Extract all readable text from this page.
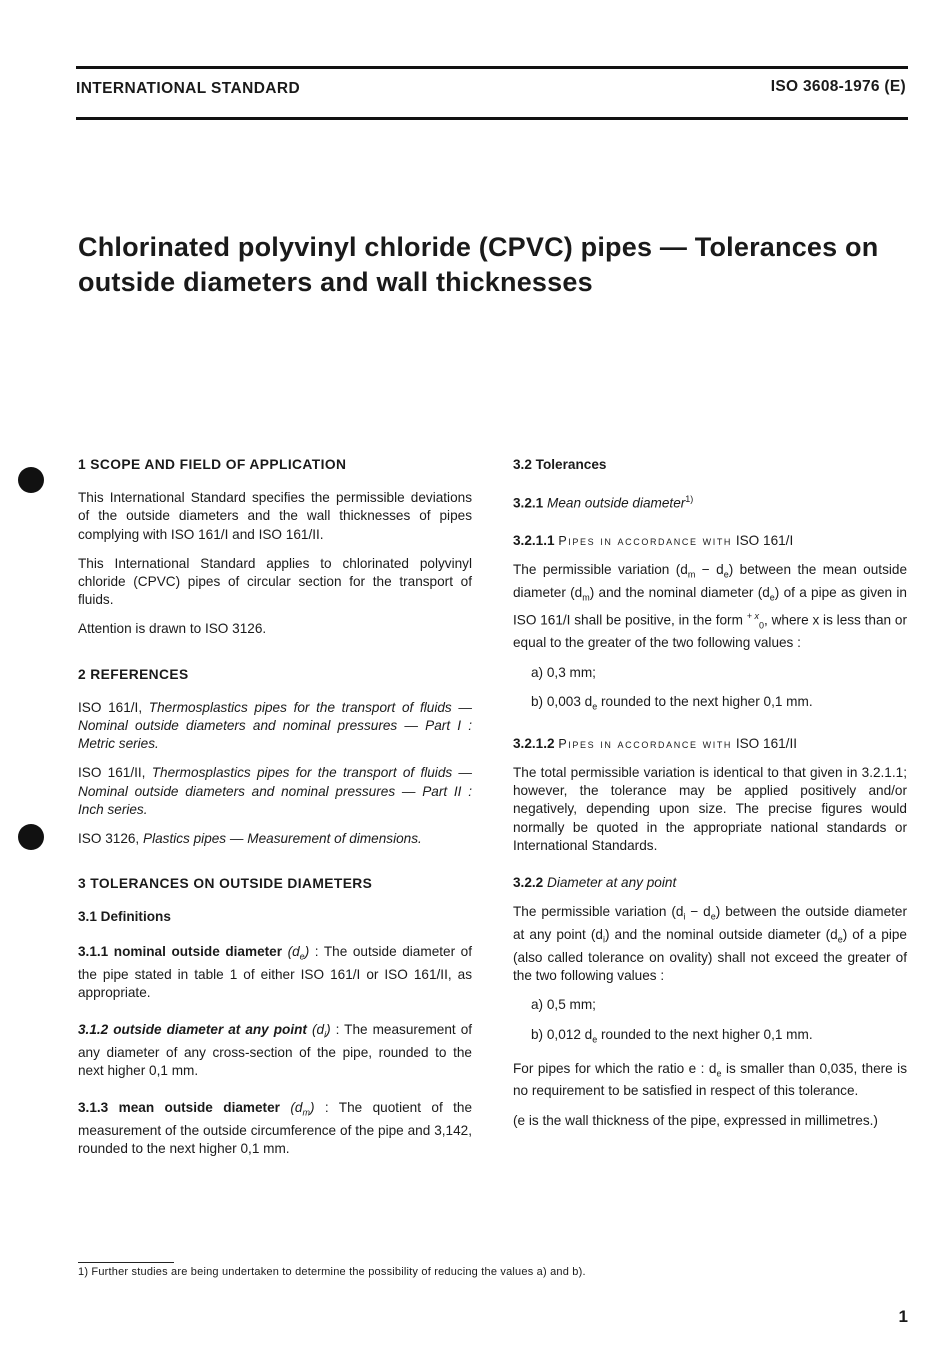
INTERNATIONAL STANDARD	ISO 3608-1976 (E)
Chlorinated polyvinyl chloride (CPVC) pipes — Tolerances on outside diameters and wall thicknesses

1 SCOPE AND FIELD OF APPLICATION

This International Standard specifies the permissible deviations of the outside diameters and the wall thicknesses of pipes complying with ISO 161/I and ISO 161/II.

This International Standard applies to chlorinated polyvinyl chloride (CPVC) pipes of circular section for the transport of fluids.

Attention is drawn to ISO 3126.

2 REFERENCES

ISO 161/I, Thermosplastics pipes for the transport of fluids — Nominal outside diameters and nominal pressures — Part I : Metric series.

ISO 161/II, Thermosplastics pipes for the transport of fluids — Nominal outside diameters and nominal pressures — Part II : Inch series.

ISO 3126, Plastics pipes — Measurement of dimensions.

3 TOLERANCES ON OUTSIDE DIAMETERS

3.1 Definitions

3.1.1 nominal outside diameter $(d_e)$ : The outside diameter of the pipe stated in table 1 of either ISO 161/I or ISO 161/II, as appropriate.

3.1.2 outside diameter at any point $(d_i)$ : The measurement of any diameter of any cross-section of the pipe, rounded to the next higher 0,1 mm.

3.1.3 mean outside diameter $(d_m)$ : The quotient of the measurement of the outside circumference of the pipe and 3,142, rounded to the next higher 0,1 mm.

3.2 Tolerances

3.2.1 Mean outside diameter$^{1)}$

3.2.1.1 Pipes in accordance with ISO 161/I

The permissible variation $(d_m - d_e)$ between the mean outside diameter $(d_m)$ and the nominal diameter $(d_e)$ of a pipe as given in ISO 161/I shall be positive, in the form $^{+ x}_0$, where x is less than or equal to the greater of the two following values :

a) 0,3 mm;

b) 0,003 $d_e$ rounded to the next higher 0,1 mm.

3.2.1.2 Pipes in accordance with ISO 161/II

The total permissible variation is identical to that given in 3.2.1.1; however, the tolerance may be applied positively and/or negatively, depending upon size. The precise figures would normally be quoted in the appropriate national standards or International Standards.

3.2.2 Diameter at any point

The permissible variation $(d_i - d_e)$ between the outside diameter at any point $(d_i)$ and the nominal outside diameter $(d_e)$ of a pipe (also called tolerance on ovality) shall not exceed the greater of the two following values :

a) 0,5 mm;

b) 0,012 $d_e$ rounded to the next higher 0,1 mm.

For pipes for which the ratio e : $d_e$ is smaller than 0,035, there is no requirement to be satisfied in respect of this tolerance.

(e is the wall thickness of the pipe, expressed in millimetres.)

1) Further studies are being undertaken to determine the possibility of reducing the values a) and b).
1
